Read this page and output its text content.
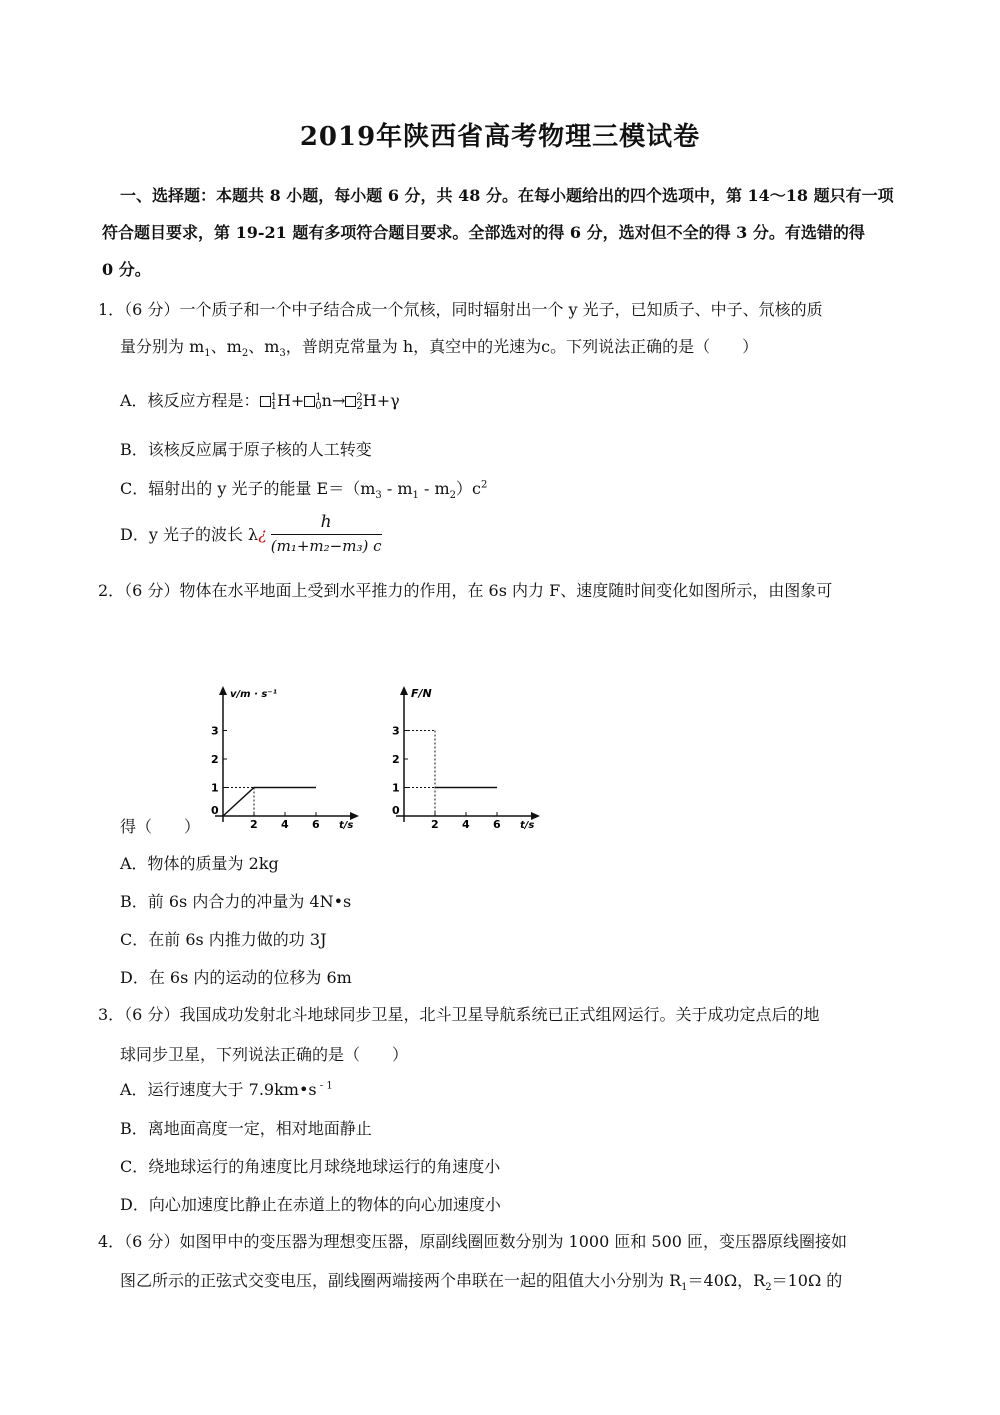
2019年陕西省高考物理三模试卷
一、选择题：本题共 8 小题，每小题 6 分，共 48 分。在每小题给出的四个选项中，第 14～18 题只有一项
符合题目要求，第 19-21 题有多项符合题目要求。全部选对的得 6 分，选对但不全的得 3 分。有选错的得
0 分。
1．（6 分）一个质子和一个中子结合成一个氘核，同时辐射出一个 y 光子，已知质子、中子、氘核的质
量分别为 $m_1$、$m_2$、$m_3$，普朗克常量为 h，真空中的光速为c。下列说法正确的是（　　）
A．核反应方程是： 1
1 H+ 1
0 n→ 2
2 H+γ
B．该核反应属于原子核的人工转变
C．辐射出的 y 光子的能量 $E=(m_3 - m_1 - m_2)c^2$
D．y 光子的波长 λ¿ $\frac{h}{\text{(m₁+m₂−m₃) c}}$
2．（6 分）物体在水平地面上受到水平推力的作用，在 6s 内力 F、速度随时间变化如图所示，由图象可
得（　　）
v/m · s⁻¹
t/s
0
2 4 6
1
2
3
F/N
t/s
0
2 4 6
1
2
3
A．物体的质量为 2kg
B．前 6s 内合力的冲量为 4N•s
C．在前 6s 内推力做的功 3J
D．在 6s 内的运动的位移为 6m
3．（6 分）我国成功发射北斗地球同步卫星，北斗卫星导航系统已正式组网运行。关于成功定点后的地
球同步卫星，下列说法正确的是（　　）
A．运行速度大于 7.9km•s $^{- 1}$
B．离地面高度一定，相对地面静止
C．绕地球运行的角速度比月球绕地球运行的角速度小
D．向心加速度比静止在赤道上的物体的向心加速度小
4．（6 分）如图甲中的变压器为理想变压器，原副线圈匝数分别为 1000 匝和 500 匝，变压器原线圈接如
图乙所示的正弦式交变电压，副线圈两端接两个串联在一起的阻值大小分别为 $R_1=40\Omega$，$R_2=10\Omega$ 的
